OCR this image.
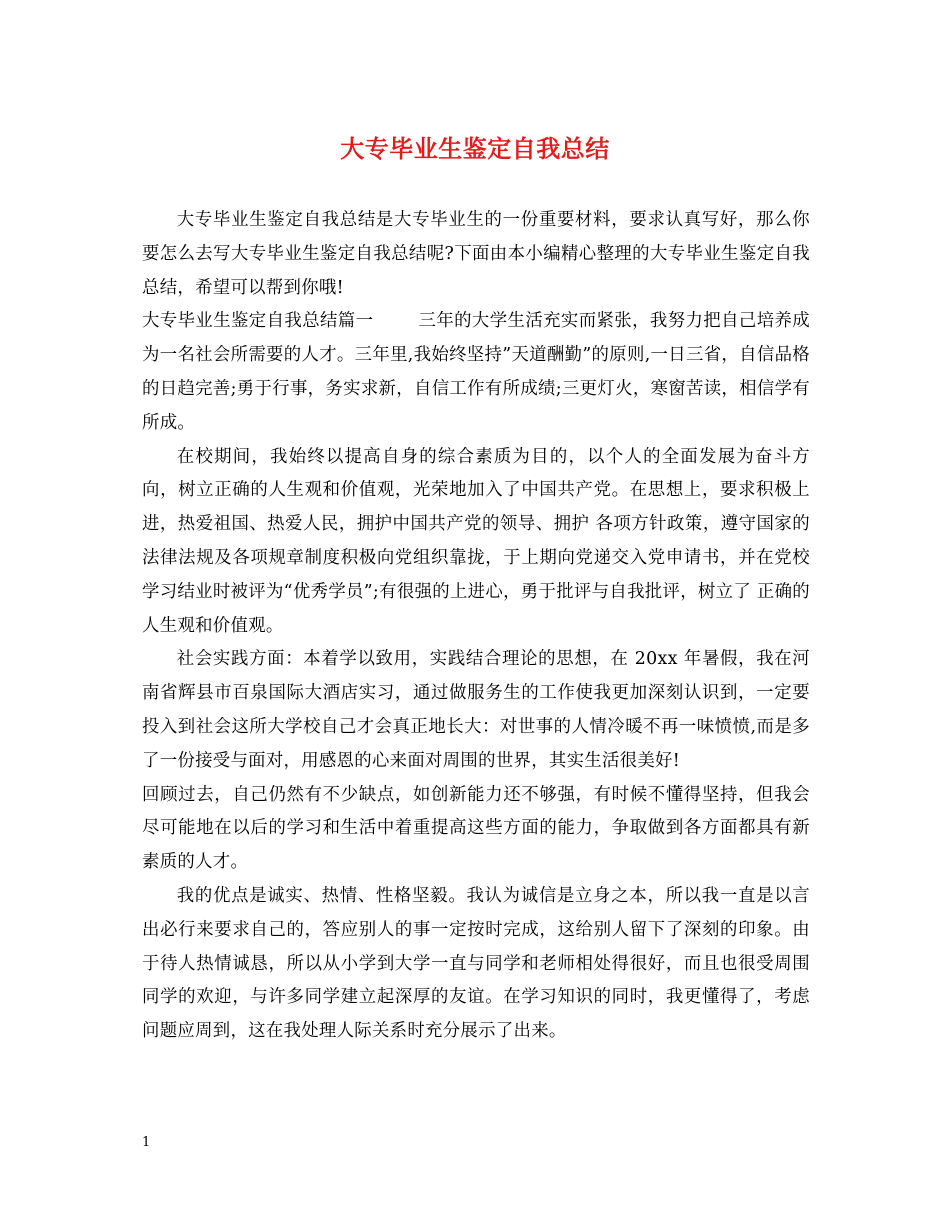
大专毕业生鉴定自我总结

大专毕业生鉴定自我总结是大专毕业生的一份重要材料，要求认真写好，那么你要怎么去写大专毕业生鉴定自我总结呢?下面由本小编精心整理的大专毕业生鉴定自我总结，希望可以帮到你哦!

大专毕业生鉴定自我总结篇一	三年的大学生活充实而紧张，我努力把自己培养成为一名社会所需要的人才。三年里,我始终坚持”天道酬勤”的原则,一日三省，自信品格的日趋完善;勇于行事，务实求新，自信工作有所成绩;三更灯火，寒窗苦读，相信学有所成。

在校期间，我始终以提高自身的综合素质为目的，以个人的全面发展为奋斗方向，树立正确的人生观和价值观，光荣地加入了中国共产党。在思想上，要求积极上进，热爱祖国、热爱人民，拥护中国共产党的领导、拥护 各项方针政策，遵守国家的法律法规及各项规章制度积极向党组织靠拢，于上期向党递交入党申请书，并在党校学习结业时被评为“优秀学员”;有很强的上进心，勇于批评与自我批评，树立了 正确的人生观和价值观。

社会实践方面：本着学以致用，实践结合理论的思想，在 20xx 年暑假，我在河南省辉县市百泉国际大酒店实习，通过做服务生的工作使我更加深刻认识到，一定要投入到社会这所大学校自己才会真正地长大：对世事的人情冷暖不再一味愤愤,而是多了一份接受与面对，用感恩的心来面对周围的世界，其实生活很美好!

回顾过去，自己仍然有不少缺点，如创新能力还不够强，有时候不懂得坚持，但我会尽可能地在以后的学习和生活中着重提高这些方面的能力，争取做到各方面都具有新素质的人才。

我的优点是诚实、热情、性格坚毅。我认为诚信是立身之本，所以我一直是以言出必行来要求自己的，答应别人的事一定按时完成，这给别人留下了深刻的印象。由于待人热情诚恳，所以从小学到大学一直与同学和老师相处得很好，而且也很受周围同学的欢迎，与许多同学建立起深厚的友谊。在学习知识的同时，我更懂得了，考虑问题应周到，这在我处理人际关系时充分展示了出来。

1
